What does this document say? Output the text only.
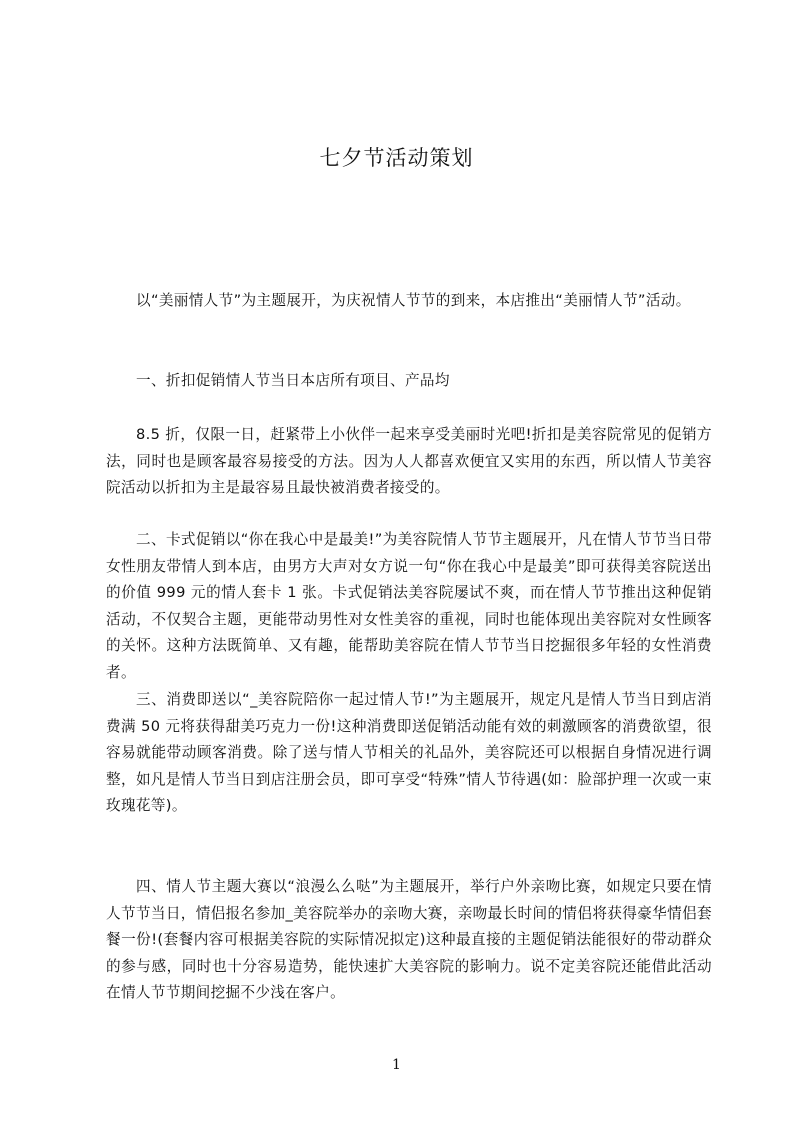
七夕节活动策划

以“美丽情人节”为主题展开，为庆祝情人节节的到来，本店推出“美丽情人节”活动。

一、折扣促销情人节当日本店所有项目、产品均

8.5 折，仅限一日，赶紧带上小伙伴一起来享受美丽时光吧!折扣是美容院常见的促销方法，同时也是顾客最容易接受的方法。因为人人都喜欢便宜又实用的东西，所以情人节美容院活动以折扣为主是最容易且最快被消费者接受的。

二、卡式促销以“你在我心中是最美!”为美容院情人节节主题展开，凡在情人节节当日带女性朋友带情人到本店，由男方大声对女方说一句“你在我心中是最美”即可获得美容院送出的价值 999 元的情人套卡 1 张。卡式促销法美容院屡试不爽，而在情人节节推出这种促销活动，不仅契合主题，更能带动男性对女性美容的重视，同时也能体现出美容院对女性顾客的关怀。这种方法既简单、又有趣，能帮助美容院在情人节节当日挖掘很多年轻的女性消费者。

三、消费即送以“_美容院陪你一起过情人节!”为主题展开，规定凡是情人节当日到店消费满 50 元将获得甜美巧克力一份!这种消费即送促销活动能有效的刺激顾客的消费欲望，很容易就能带动顾客消费。除了送与情人节相关的礼品外，美容院还可以根据自身情况进行调整，如凡是情人节当日到店注册会员，即可享受“特殊”情人节待遇(如：脸部护理一次或一束玫瑰花等)。

四、情人节主题大赛以“浪漫么么哒”为主题展开，举行户外亲吻比赛，如规定只要在情人节节当日，情侣报名参加_美容院举办的亲吻大赛，亲吻最长时间的情侣将获得豪华情侣套餐一份!(套餐内容可根据美容院的实际情况拟定)这种最直接的主题促销法能很好的带动群众的参与感，同时也十分容易造势，能快速扩大美容院的影响力。说不定美容院还能借此活动在情人节节期间挖掘不少浅在客户。

1
